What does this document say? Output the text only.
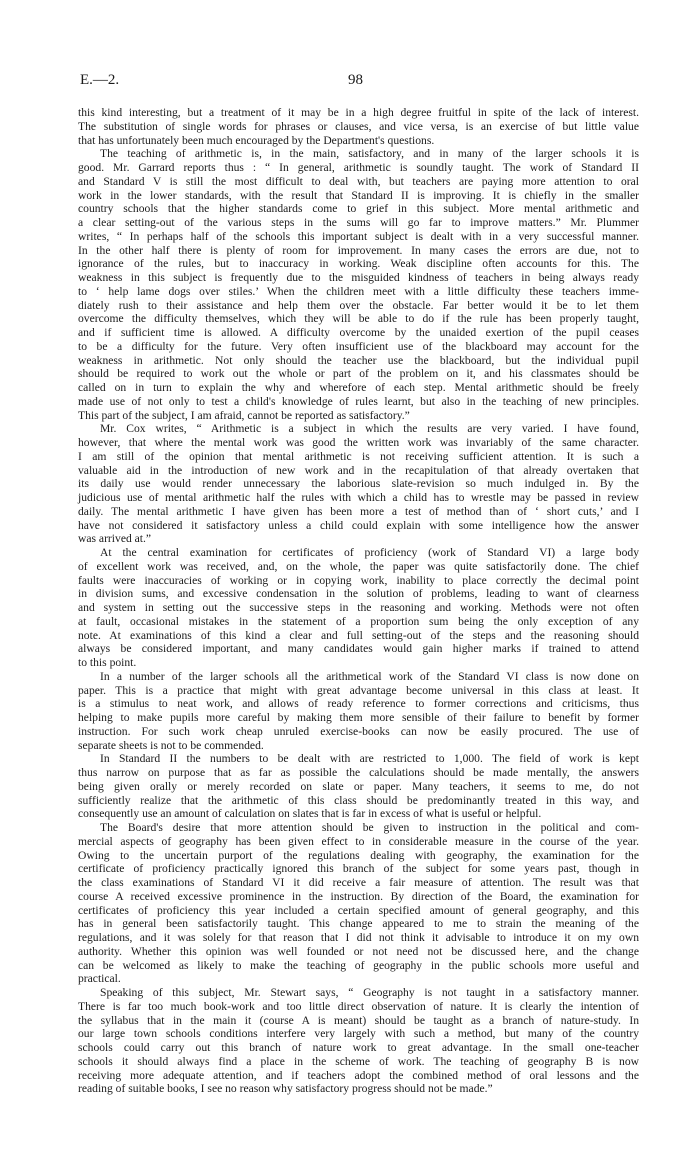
E.—2.	98
this kind interesting, but a treatment of it may be in a high degree fruitful in spite of the lack of interest.
The substitution of single words for phrases or clauses, and vice versa, is an exercise of but little value
that has unfortunately been much encouraged by the Department's questions.
The teaching of arithmetic is, in the main, satisfactory, and in many of the larger schools it is
good. Mr. Garrard reports thus : “ In general, arithmetic is soundly taught. The work of Standard II
and Standard V is still the most difficult to deal with, but teachers are paying more attention to oral
work in the lower standards, with the result that Standard II is improving. It is chiefly in the smaller
country schools that the higher standards come to grief in this subject. More mental arithmetic and
a clear setting-out of the various steps in the sums will go far to improve matters.” Mr. Plummer
writes, “ In perhaps half of the schools this important subject is dealt with in a very successful manner.
In the other half there is plenty of room for improvement. In many cases the errors are due, not to
ignorance of the rules, but to inaccuracy in working. Weak discipline often accounts for this. The
weakness in this subject is frequently due to the misguided kindness of teachers in being always ready
to ‘ help lame dogs over stiles.’ When the children meet with a little difficulty these teachers imme-
diately rush to their assistance and help them over the obstacle. Far better would it be to let them
overcome the difficulty themselves, which they will be able to do if the rule has been properly taught,
and if sufficient time is allowed. A difficulty overcome by the unaided exertion of the pupil ceases
to be a difficulty for the future. Very often insufficient use of the blackboard may account for the
weakness in arithmetic. Not only should the teacher use the blackboard, but the individual pupil
should be required to work out the whole or part of the problem on it, and his classmates should be
called on in turn to explain the why and wherefore of each step. Mental arithmetic should be freely
made use of not only to test a child's knowledge of rules learnt, but also in the teaching of new principles.
This part of the subject, I am afraid, cannot be reported as satisfactory.”
Mr. Cox writes, “ Arithmetic is a subject in which the results are very varied. I have found,
however, that where the mental work was good the written work was invariably of the same character.
I am still of the opinion that mental arithmetic is not receiving sufficient attention. It is such a
valuable aid in the introduction of new work and in the recapitulation of that already overtaken that
its daily use would render unnecessary the laborious slate-revision so much indulged in. By the
judicious use of mental arithmetic half the rules with which a child has to wrestle may be passed in review
daily. The mental arithmetic I have given has been more a test of method than of ‘ short cuts,’ and I
have not considered it satisfactory unless a child could explain with some intelligence how the answer
was arrived at.”
At the central examination for certificates of proficiency (work of Standard VI) a large body
of excellent work was received, and, on the whole, the paper was quite satisfactorily done. The chief
faults were inaccuracies of working or in copying work, inability to place correctly the decimal point
in division sums, and excessive condensation in the solution of problems, leading to want of clearness
and system in setting out the successive steps in the reasoning and working. Methods were not often
at fault, occasional mistakes in the statement of a proportion sum being the only exception of any
note. At examinations of this kind a clear and full setting-out of the steps and the reasoning should
always be considered important, and many candidates would gain higher marks if trained to attend
to this point.
In a number of the larger schools all the arithmetical work of the Standard VI class is now done on
paper. This is a practice that might with great advantage become universal in this class at least. It
is a stimulus to neat work, and allows of ready reference to former corrections and criticisms, thus
helping to make pupils more careful by making them more sensible of their failure to benefit by former
instruction. For such work cheap unruled exercise-books can now be easily procured. The use of
separate sheets is not to be commended.
In Standard II the numbers to be dealt with are restricted to 1,000. The field of work is kept
thus narrow on purpose that as far as possible the calculations should be made mentally, the answers
being given orally or merely recorded on slate or paper. Many teachers, it seems to me, do not
sufficiently realize that the arithmetic of this class should be predominantly treated in this way, and
consequently use an amount of calculation on slates that is far in excess of what is useful or helpful.
The Board's desire that more attention should be given to instruction in the political and com-
mercial aspects of geography has been given effect to in considerable measure in the course of the year.
Owing to the uncertain purport of the regulations dealing with geography, the examination for the
certificate of proficiency practically ignored this branch of the subject for some years past, though in
the class examinations of Standard VI it did receive a fair measure of attention. The result was that
course A received excessive prominence in the instruction. By direction of the Board, the examination for
certificates of proficiency this year included a certain specified amount of general geography, and this
has in general been satisfactorily taught. This change appeared to me to strain the meaning of the
regulations, and it was solely for that reason that I did not think it advisable to introduce it on my own
authority. Whether this opinion was well founded or not need not be discussed here, and the change
can be welcomed as likely to make the teaching of geography in the public schools more useful and
practical.
Speaking of this subject, Mr. Stewart says, “ Geography is not taught in a satisfactory manner.
There is far too much book-work and too little direct observation of nature. It is clearly the intention of
the syllabus that in the main it (course A is meant) should be taught as a branch of nature-study. In
our large town schools conditions interfere very largely with such a method, but many of the country
schools could carry out this branch of nature work to great advantage. In the small one-teacher
schools it should always find a place in the scheme of work. The teaching of geography B is now
receiving more adequate attention, and if teachers adopt the combined method of oral lessons and the
reading of suitable books, I see no reason why satisfactory progress should not be made.”
